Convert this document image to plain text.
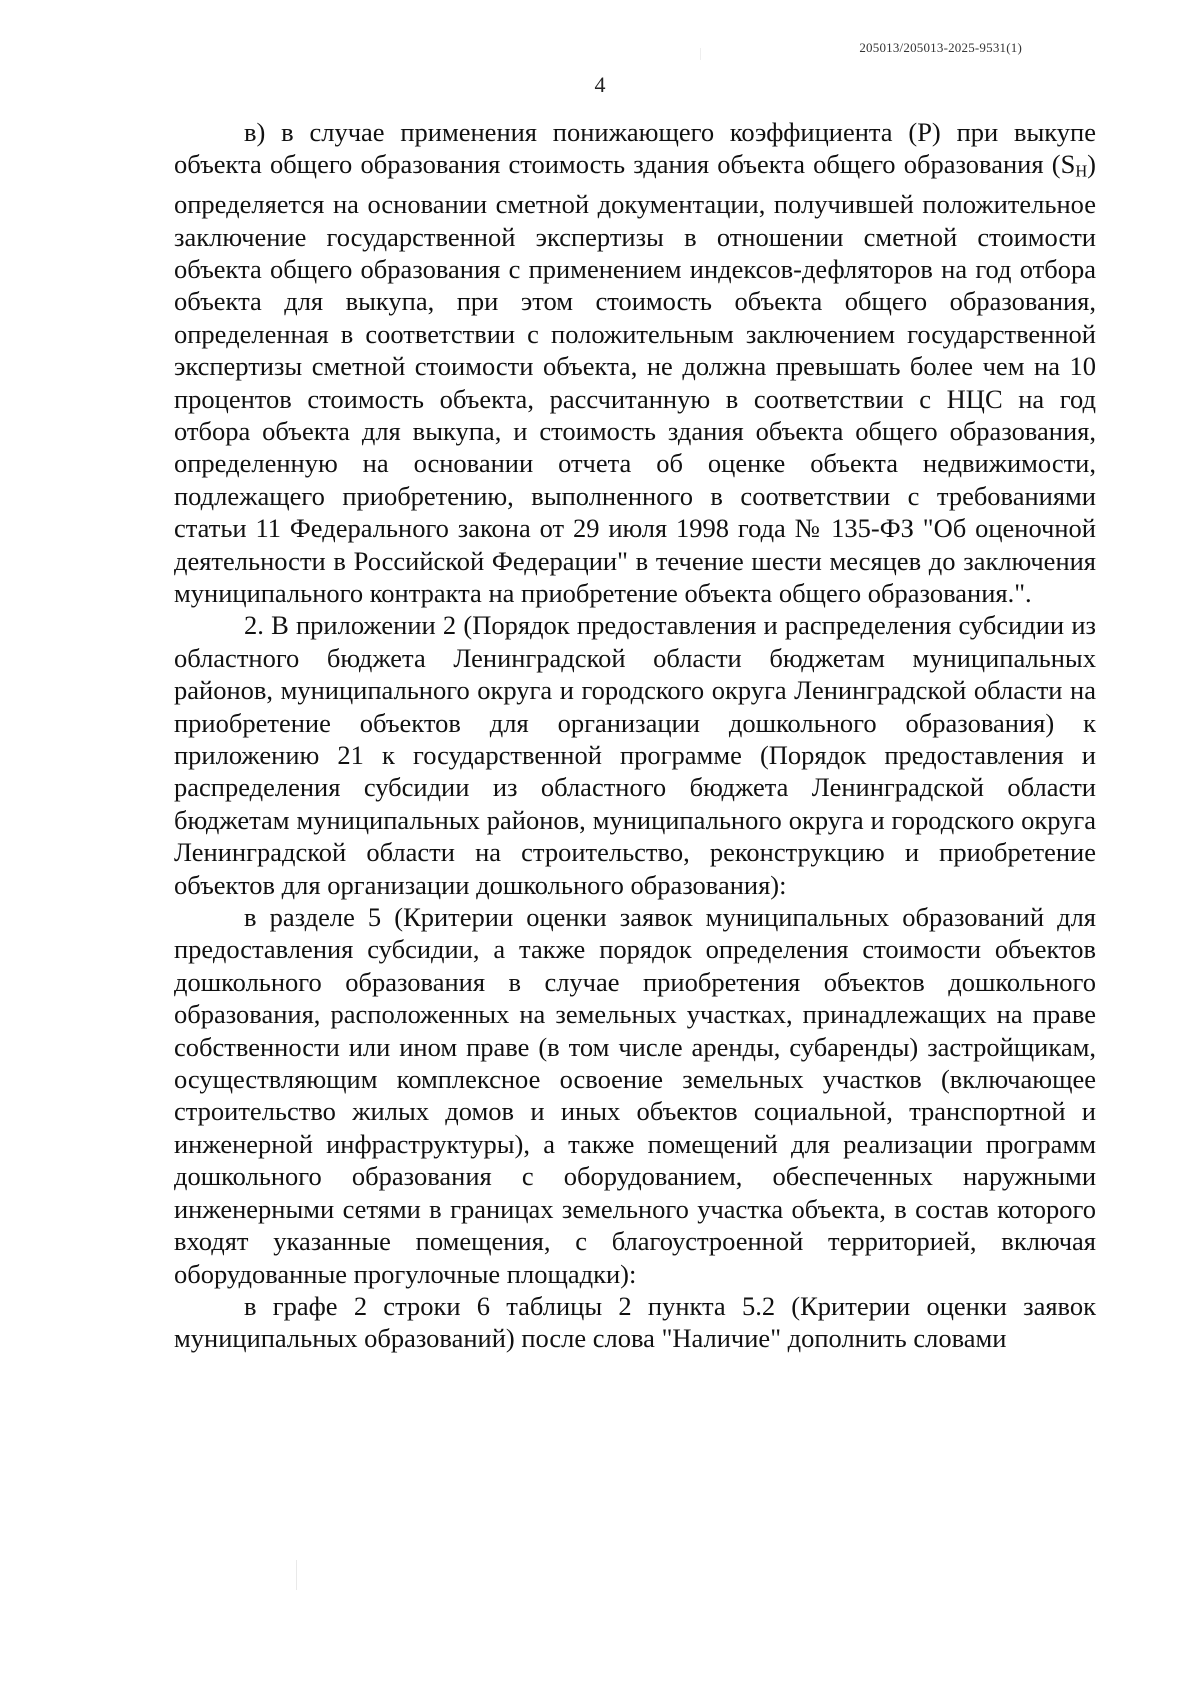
205013/205013-2025-9531(1)
4

в) в случае применения понижающего коэффициента (Р) при выкупе объекта общего образования стоимость здания объекта общего образования $(S_Н)$ определяется на основании сметной документации, получившей положительное заключение государственной экспертизы в отношении сметной стоимости объекта общего образования с применением индексов-дефляторов на год отбора объекта для выкупа, при этом стоимость объекта общего образования, определенная в соответствии с положительным заключением государственной экспертизы сметной стоимости объекта, не должна превышать более чем на 10 процентов стоимость объекта, рассчитанную в соответствии с НЦС на год отбора объекта для выкупа, и стоимость здания объекта общего образования, определенную на основании отчета об оценке объекта недвижимости, подлежащего приобретению, выполненного в соответствии с требованиями статьи 11 Федерального закона от 29 июля 1998 года № 135-ФЗ "Об оценочной деятельности в Российской Федерации" в течение шести месяцев до заключения муниципального контракта на приобретение объекта общего образования.".

2. В приложении 2 (Порядок предоставления и распределения субсидии из областного бюджета Ленинградской области бюджетам муниципальных районов, муниципального округа и городского округа Ленинградской области на приобретение объектов для организации дошкольного образования) к приложению 21 к государственной программе (Порядок предоставления и распределения субсидии из областного бюджета Ленинградской области бюджетам муниципальных районов, муниципального округа и городского округа Ленинградской области на строительство, реконструкцию и приобретение объектов для организации дошкольного образования):

в разделе 5 (Критерии оценки заявок муниципальных образований для предоставления субсидии, а также порядок определения стоимости объектов дошкольного образования в случае приобретения объектов дошкольного образования, расположенных на земельных участках, принадлежащих на праве собственности или ином праве (в том числе аренды, субаренды) застройщикам, осуществляющим комплексное освоение земельных участков (включающее строительство жилых домов и иных объектов социальной, транспортной и инженерной инфраструктуры), а также помещений для реализации программ дошкольного образования с оборудованием, обеспеченных наружными инженерными сетями в границах земельного участка объекта, в состав которого входят указанные помещения, с благоустроенной территорией, включая оборудованные прогулочные площадки):

в графе 2 строки 6 таблицы 2 пункта 5.2 (Критерии оценки заявок муниципальных образований) после слова "Наличие" дополнить словами
